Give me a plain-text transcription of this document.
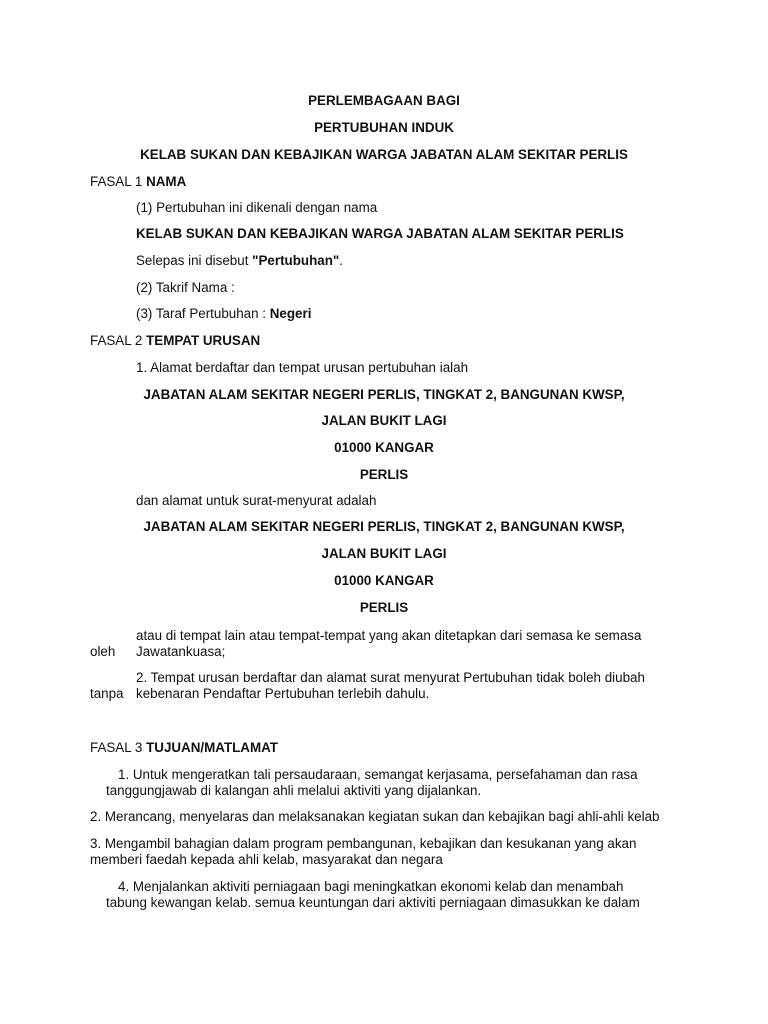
PERLEMBAGAAN BAGI
PERTUBUHAN INDUK
KELAB SUKAN DAN KEBAJIKAN WARGA JABATAN ALAM SEKITAR PERLIS
FASAL 1 NAMA
(1) Pertubuhan ini dikenali dengan nama
KELAB SUKAN DAN KEBAJIKAN WARGA JABATAN ALAM SEKITAR PERLIS
Selepas ini disebut "Pertubuhan".
(2) Takrif Nama :
(3) Taraf Pertubuhan : Negeri
FASAL 2 TEMPAT URUSAN
1. Alamat berdaftar dan tempat urusan pertubuhan ialah
JABATAN ALAM SEKITAR NEGERI PERLIS, TINGKAT 2, BANGUNAN KWSP,
JALAN BUKIT LAGI
01000 KANGAR
PERLIS
dan alamat untuk surat-menyurat adalah
JABATAN ALAM SEKITAR NEGERI PERLIS, TINGKAT 2, BANGUNAN KWSP,
JALAN BUKIT LAGI
01000 KANGAR
PERLIS
atau di tempat lain atau tempat-tempat yang akan ditetapkan dari semasa ke semasa
oleh Jawatankuasa;
2. Tempat urusan berdaftar dan alamat surat menyurat Pertubuhan tidak boleh diubah
tanpa kebenaran Pendaftar Pertubuhan terlebih dahulu.
FASAL 3 TUJUAN/MATLAMAT
1. Untuk mengeratkan tali persaudaraan, semangat kerjasama, persefahaman dan rasa
tanggungjawab di kalangan ahli melalui aktiviti yang dijalankan.
2. Merancang, menyelaras dan melaksanakan kegiatan sukan dan kebajikan bagi ahli-ahli kelab
3. Mengambil bahagian dalam program pembangunan, kebajikan dan kesukanan yang akan
memberi faedah kepada ahli kelab, masyarakat dan negara
4. Menjalankan aktiviti perniagaan bagi meningkatkan ekonomi kelab dan menambah
tabung kewangan kelab. semua keuntungan dari aktiviti perniagaan dimasukkan ke dalam
